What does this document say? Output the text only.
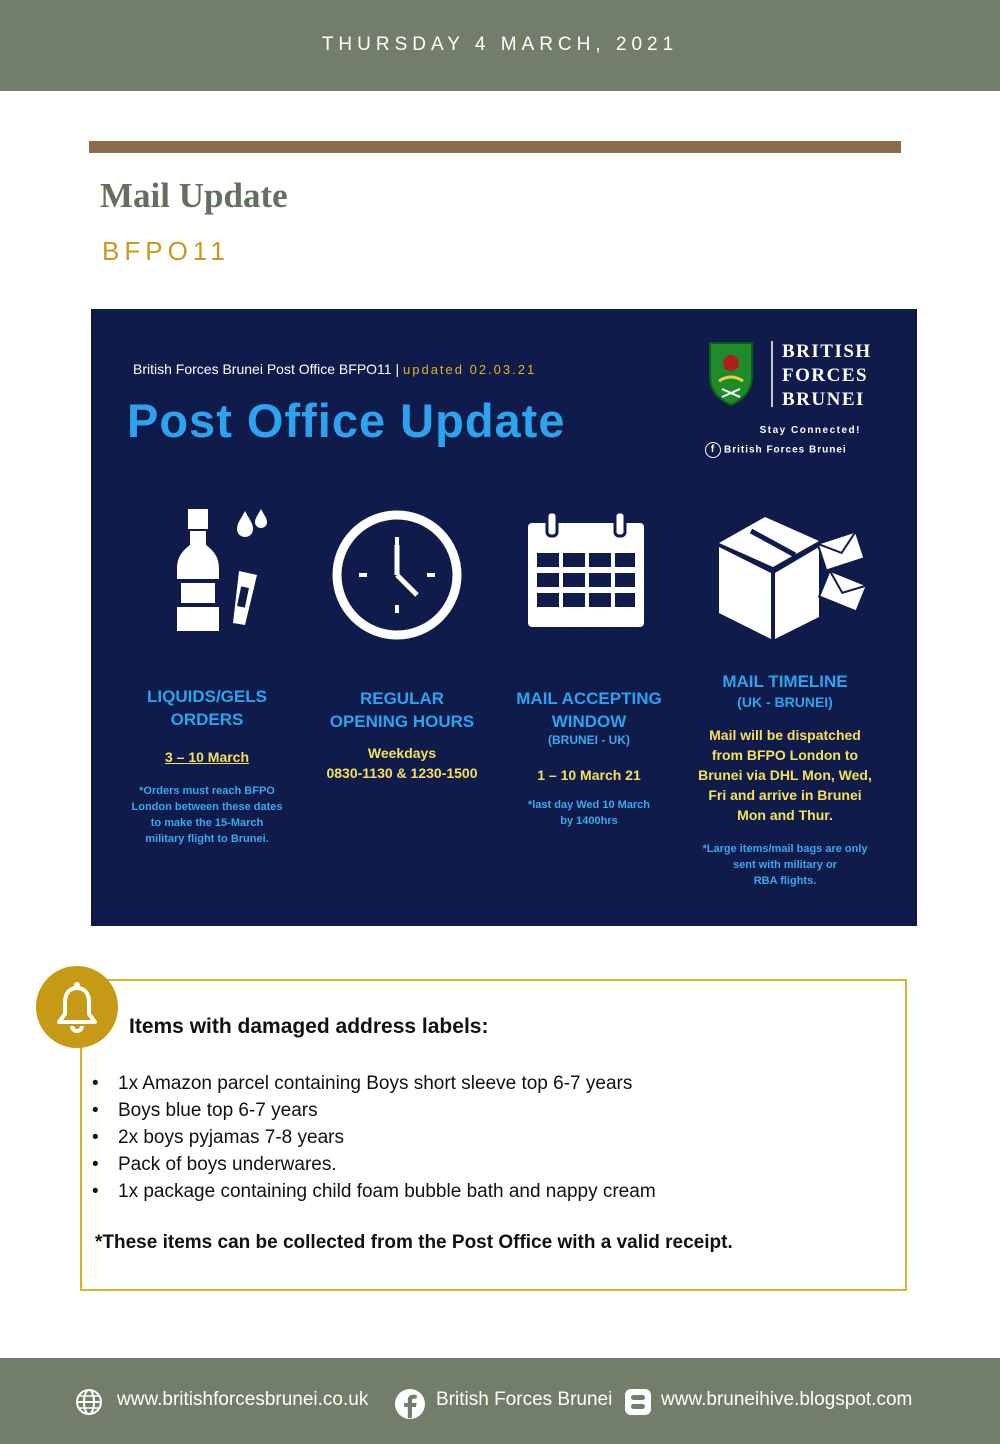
THURSDAY 4 MARCH, 2021
Mail Update
BFPO11
British Forces Brunei Post Office BFPO11 | updated 02.03.21
Post Office Update
BRITISH
FORCES
BRUNEI
Stay Connected!
f British Forces Brunei
LIQUIDS/GELS
ORDERS
3 – 10 March
*Orders must reach BFPO
London between these dates
to make the 15-March
military flight to Brunei.
REGULAR
OPENING HOURS
Weekdays
0830-1130 & 1230-1500
MAIL ACCEPTING
WINDOW
(BRUNEI - UK)
1 – 10 March 21
*last day Wed 10 March
by 1400hrs
MAIL TIMELINE
(UK - BRUNEI)
Mail will be dispatched
from BFPO London to
Brunei via DHL Mon, Wed,
Fri and arrive in Brunei
Mon and Thur.
*Large items/mail bags are only
sent with military or
RBA flights.
Items with damaged address labels:
• 1x Amazon parcel containing Boys short sleeve top 6-7 years
• Boys blue top 6-7 years
• 2x boys pyjamas 7-8 years
• Pack of boys underwares.
• 1x package containing child foam bubble bath and nappy cream
*These items can be collected from the Post Office with a valid receipt.
www.britishforcesbrunei.co.uk	British Forces Brunei	www.bruneihive.blogspot.com
